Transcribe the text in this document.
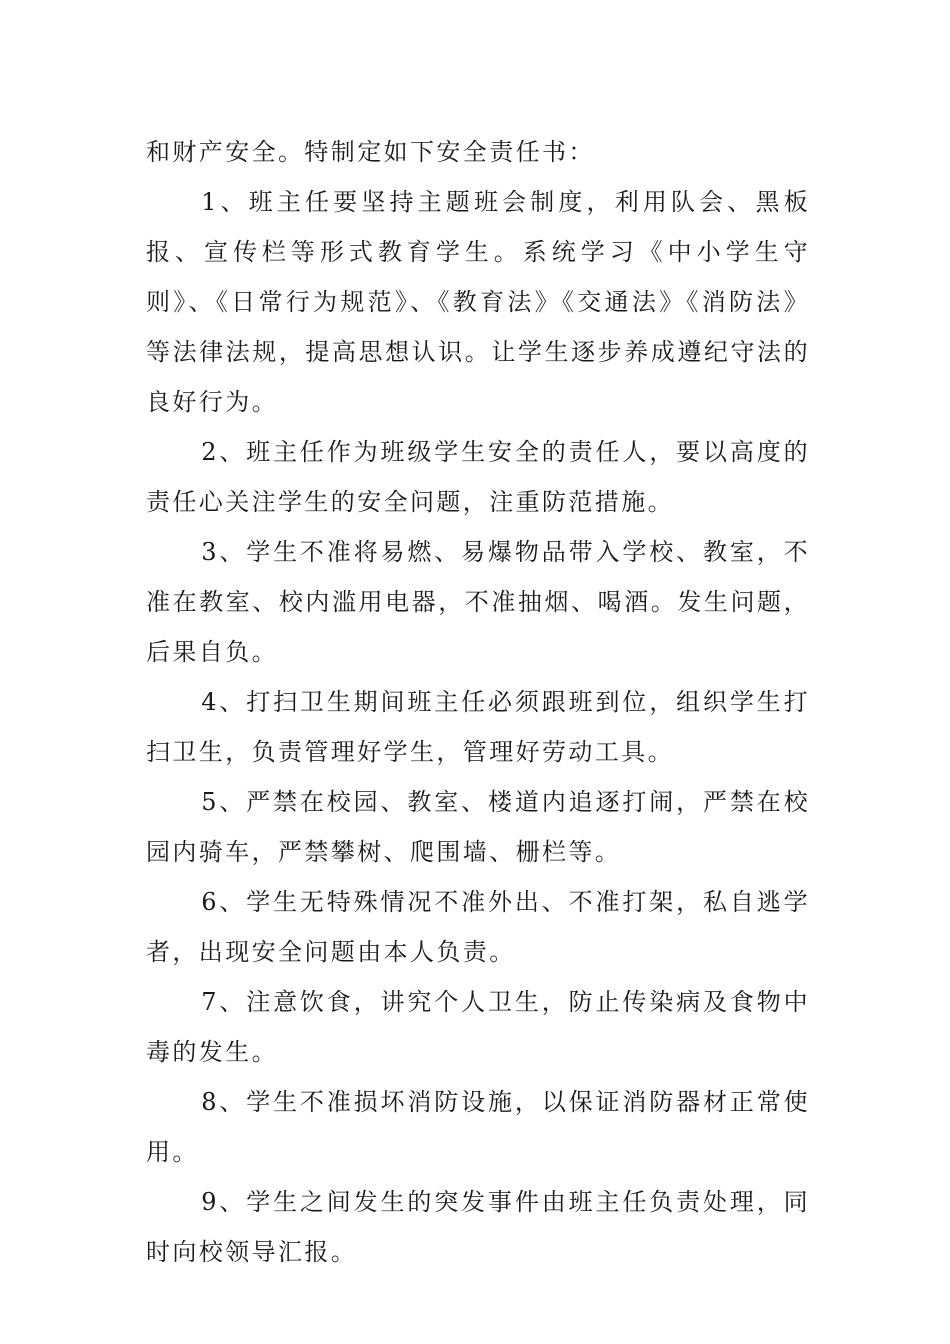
和财产安全。特制定如下安全责任书：

1、班主任要坚持主题班会制度，利用队会、黑板报、宣传栏等形式教育学生。系统学习《中小学生守则》、《日常行为规范》、《教育法》《交通法》《消防法》等法律法规，提高思想认识。让学生逐步养成遵纪守法的良好行为。

2、班主任作为班级学生安全的责任人，要以高度的责任心关注学生的安全问题，注重防范措施。

3、学生不准将易燃、易爆物品带入学校、教室，不准在教室、校内滥用电器，不准抽烟、喝酒。发生问题，后果自负。

4、打扫卫生期间班主任必须跟班到位，组织学生打扫卫生，负责管理好学生，管理好劳动工具。

5、严禁在校园、教室、楼道内追逐打闹，严禁在校园内骑车，严禁攀树、爬围墙、栅栏等。

6、学生无特殊情况不准外出、不准打架，私自逃学者，出现安全问题由本人负责。

7、注意饮食，讲究个人卫生，防止传染病及食物中毒的发生。

8、学生不准损坏消防设施，以保证消防器材正常使用。

9、学生之间发生的突发事件由班主任负责处理，同时向校领导汇报。
